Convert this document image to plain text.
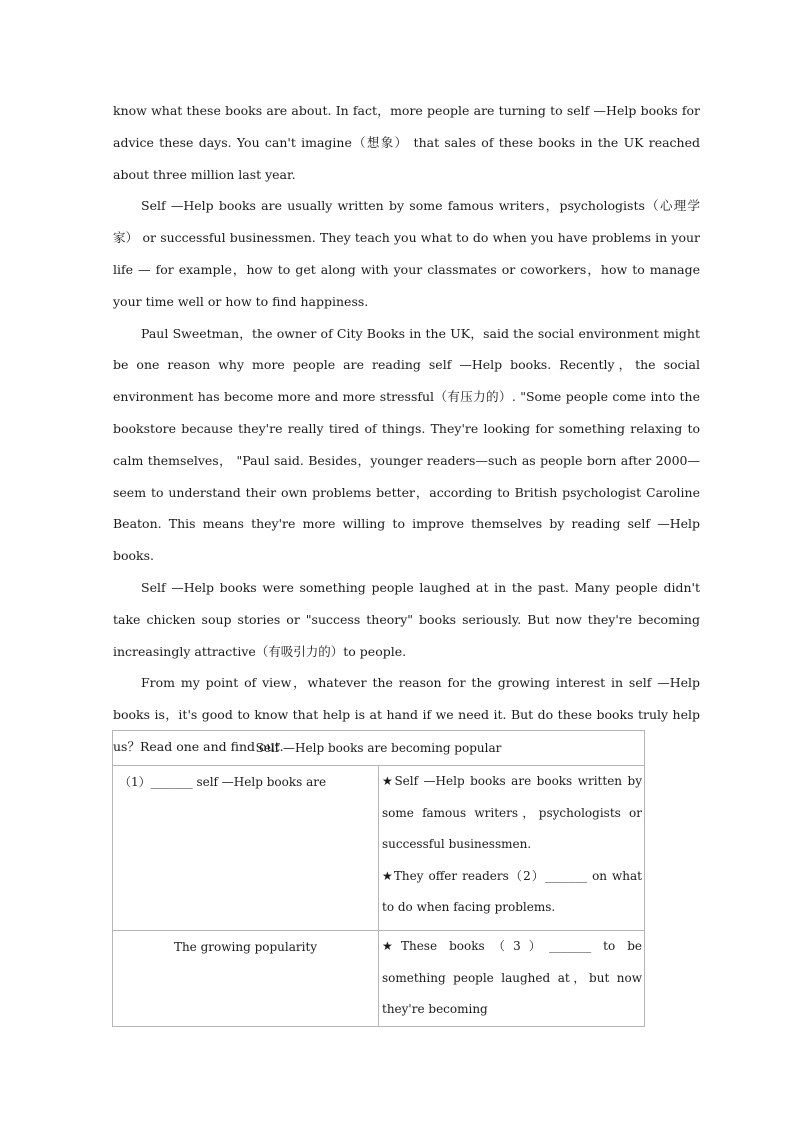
know what these books are about. In fact，more people are turning to self —Help books for advice these days. You can't imagine（想象） that sales of these books in the UK reached about three million last year.

Self —Help books are usually written by some famous writers，psychologists（心理学家） or successful businessmen. They teach you what to do when you have problems in your life — for example，how to get along with your classmates or coworkers，how to manage your time well or how to find happiness.

Paul Sweetman，the owner of City Books in the UK，said the social environment might be one reason why more people are reading self —Help books. Recently，the social environment has become more and more stressful（有压力的）. "Some people come into the bookstore because they're really tired of things. They're looking for something relaxing to calm themselves， "Paul said. Besides，younger readers—such as people born after 2000—seem to understand their own problems better，according to British psychologist Caroline Beaton. This means they're more willing to improve themselves by reading self —Help books.

Self —Help books were something people laughed at in the past. Many people didn't take chicken soup stories or "success theory" books seriously. But now they're becoming increasingly attractive（有吸引力的）to people.

From my point of view，whatever the reason for the growing interest in self —Help books is，it's good to know that help is at hand if we need it. But do these books truly help us？Read one and find out.

Self —Help books are becoming popular	

（1）_______ self —Help books are	★Self —Help books are books written by some famous writers，psychologists or successful businessmen.

★They offer readers（2）_______ on what to do when facing problems.

The growing popularity	★These books（3）_______ to be something people laughed at，but now they're becoming
